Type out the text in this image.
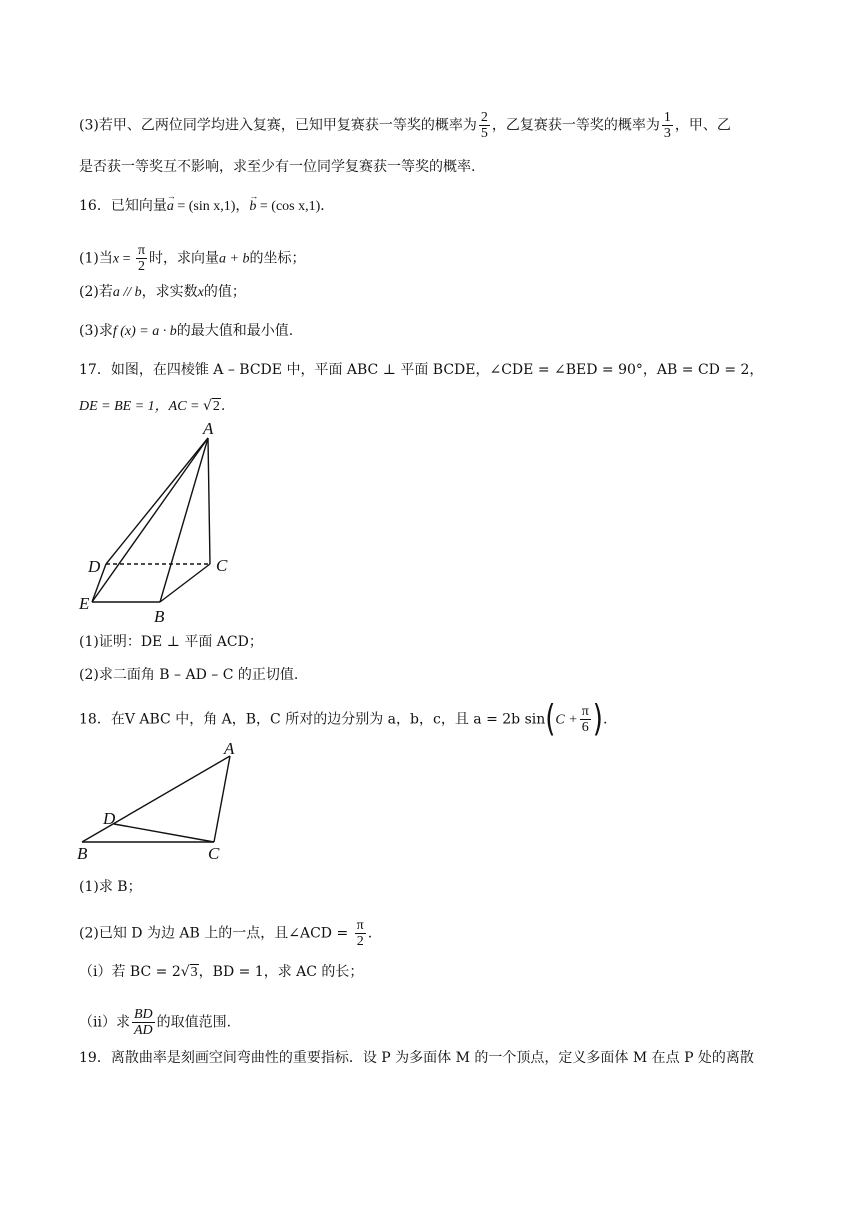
(3)若甲、乙两位同学均进入复赛，已知甲复赛获一等奖的概率为 $\frac{2}{5}$ ，乙复赛获一等奖的概率为 $\frac{1}{3}$ ，甲、乙
是否获一等奖互不影响，求至少有一位同学复赛获一等奖的概率.
16．已知向量→ a = (sin x,1)，→ b = (cos x,1)．
(1)当$x = \frac{\pi}{2}$ 时，求向量a + b的坐标；
(2)若a // b，求实数x的值；
(3)求f (x) = a · b的最大值和最小值.
17．如图，在四棱锥 A – BCDE 中，平面 ABC ⊥ 平面 BCDE，∠CDE = ∠BED = 90°，AB = CD = 2，
DE = BE = 1，AC = √2.
A
D	C
E
B
(1)证明：DE ⊥ 平面 ACD；
(2)求二面角 B – AD – C 的正切值.
18．在V ABC 中，角 A，B，C 所对的边分别为 a，b，c，且 a = 2b $\sin(C + \frac{\pi}{6}$ ).
A
D
B	C
(1)求 B；
(2)已知 D 为边 AB 上的一点，且∠ACD = $\frac{\pi}{2}$ .
（ⅰ）若 BC = 2√3，BD = 1，求 AC 的长；
（ⅱ）求 $\frac{BD}{AD}$ 的取值范围.
19．离散曲率是刻画空间弯曲性的重要指标．设 P 为多面体 M 的一个顶点，定义多面体 M 在点 P 处的离散
